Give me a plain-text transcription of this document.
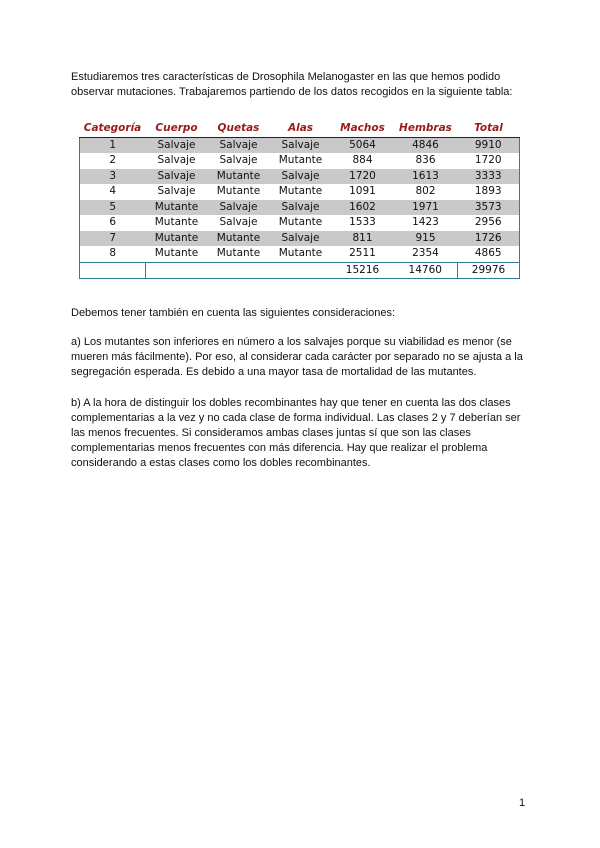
Estudiaremos tres características de Drosophila Melanogaster en las que hemos podido observar mutaciones. Trabajaremos partiendo de los datos recogidos en la siguiente tabla:

Categoría	Cuerpo	Quetas	Alas	Machos	Hembras	Total
1	Salvaje	Salvaje	Salvaje	5064	4846	9910
2	Salvaje	Salvaje	Mutante	884	836	1720
3	Salvaje	Mutante	Salvaje	1720	1613	3333
4	Salvaje	Mutante	Mutante	1091	802	1893
5	Mutante	Salvaje	Salvaje	1602	1971	3573
6	Mutante	Salvaje	Mutante	1533	1423	2956
7	Mutante	Mutante	Salvaje	811	915	1726
8	Mutante	Mutante	Mutante	2511	2354	4865
				15216	14760	29976

Debemos tener también en cuenta las siguientes consideraciones:

a) Los mutantes son inferiores en número a los salvajes porque su viabilidad es menor (se mueren más fácilmente). Por eso, al considerar cada carácter por separado no se ajusta a la segregación esperada. Es debido a una mayor tasa de mortalidad de las mutantes.

b) A la hora de distinguir los dobles recombinantes hay que tener en cuenta las dos clases complementarias a la vez y no cada clase de forma individual. Las clases 2 y 7 deberían ser las menos frecuentes. Si consideramos ambas clases juntas sí que son las clases complementarias menos frecuentes con más diferencia. Hay que realizar el problema considerando a estas clases como los dobles recombinantes.

1
